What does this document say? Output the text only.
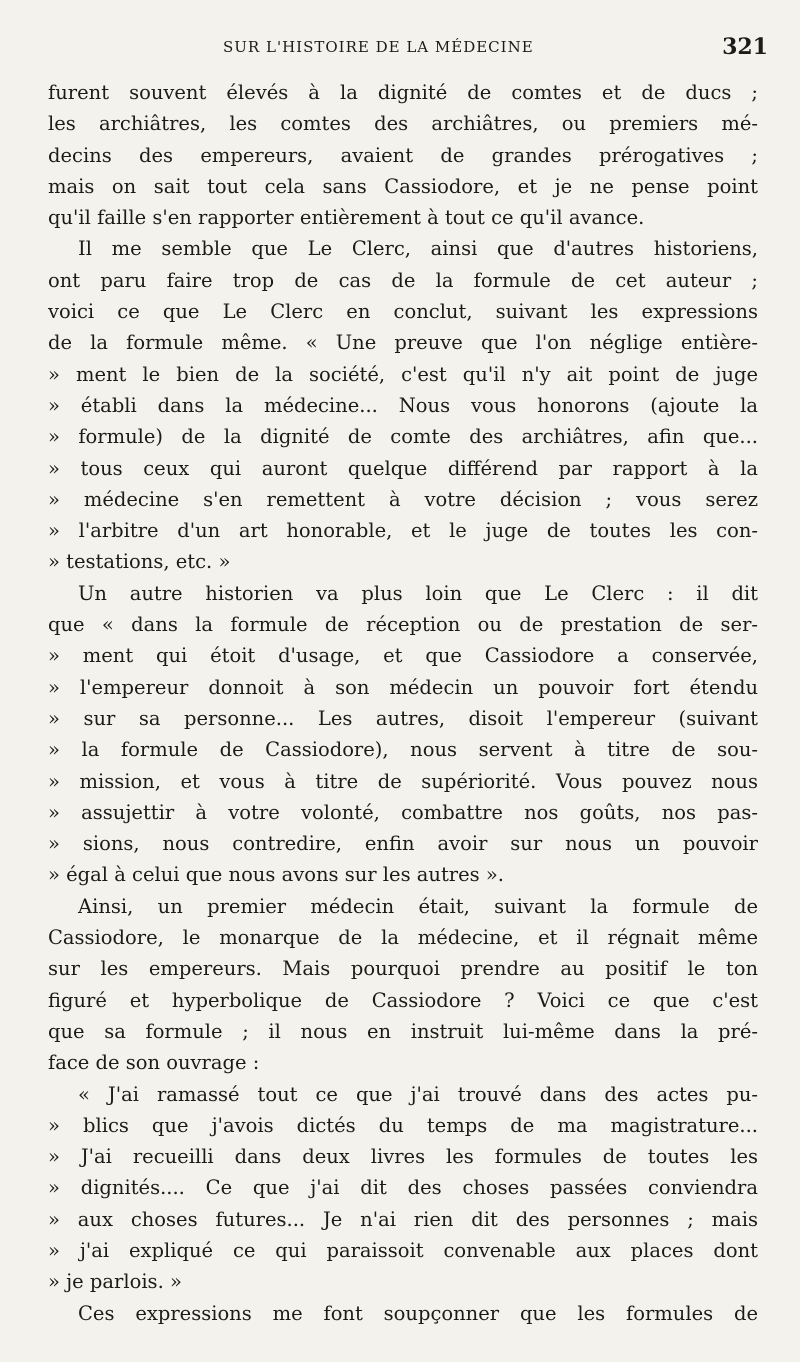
SUR L'HISTOIRE DE LA MÉDECINE	321
furent souvent élevés à la dignité de comtes et de ducs ;
les archiâtres, les comtes des archiâtres, ou premiers mé-
decins des empereurs, avaient de grandes prérogatives ;
mais on sait tout cela sans Cassiodore, et je ne pense point
qu'il faille s'en rapporter entièrement à tout ce qu'il avance.
Il me semble que Le Clerc, ainsi que d'autres historiens,
ont paru faire trop de cas de la formule de cet auteur ;
voici ce que Le Clerc en conclut, suivant les expressions
de la formule même. « Une preuve que l'on néglige entière-
» ment le bien de la société, c'est qu'il n'y ait point de juge
» établi dans la médecine... Nous vous honorons (ajoute la
» formule) de la dignité de comte des archiâtres, afin que...
» tous ceux qui auront quelque différend par rapport à la
» médecine s'en remettent à votre décision ; vous serez
» l'arbitre d'un art honorable, et le juge de toutes les con-
» testations, etc. »
Un autre historien va plus loin que Le Clerc : il dit
que « dans la formule de réception ou de prestation de ser-
» ment qui étoit d'usage, et que Cassiodore a conservée,
» l'empereur donnoit à son médecin un pouvoir fort étendu
» sur sa personne... Les autres, disoit l'empereur (suivant
» la formule de Cassiodore), nous servent à titre de sou-
» mission, et vous à titre de supériorité. Vous pouvez nous
» assujettir à votre volonté, combattre nos goûts, nos pas-
» sions, nous contredire, enfin avoir sur nous un pouvoir
» égal à celui que nous avons sur les autres ».
Ainsi, un premier médecin était, suivant la formule de
Cassiodore, le monarque de la médecine, et il régnait même
sur les empereurs. Mais pourquoi prendre au positif le ton
figuré et hyperbolique de Cassiodore ? Voici ce que c'est
que sa formule ; il nous en instruit lui-même dans la pré-
face de son ouvrage :
« J'ai ramassé tout ce que j'ai trouvé dans des actes pu-
» blics que j'avois dictés du temps de ma magistrature...
» J'ai recueilli dans deux livres les formules de toutes les
» dignités.... Ce que j'ai dit des choses passées conviendra
» aux choses futures... Je n'ai rien dit des personnes ; mais
» j'ai expliqué ce qui paraissoit convenable aux places dont
» je parlois. »
Ces expressions me font soupçonner que les formules de
